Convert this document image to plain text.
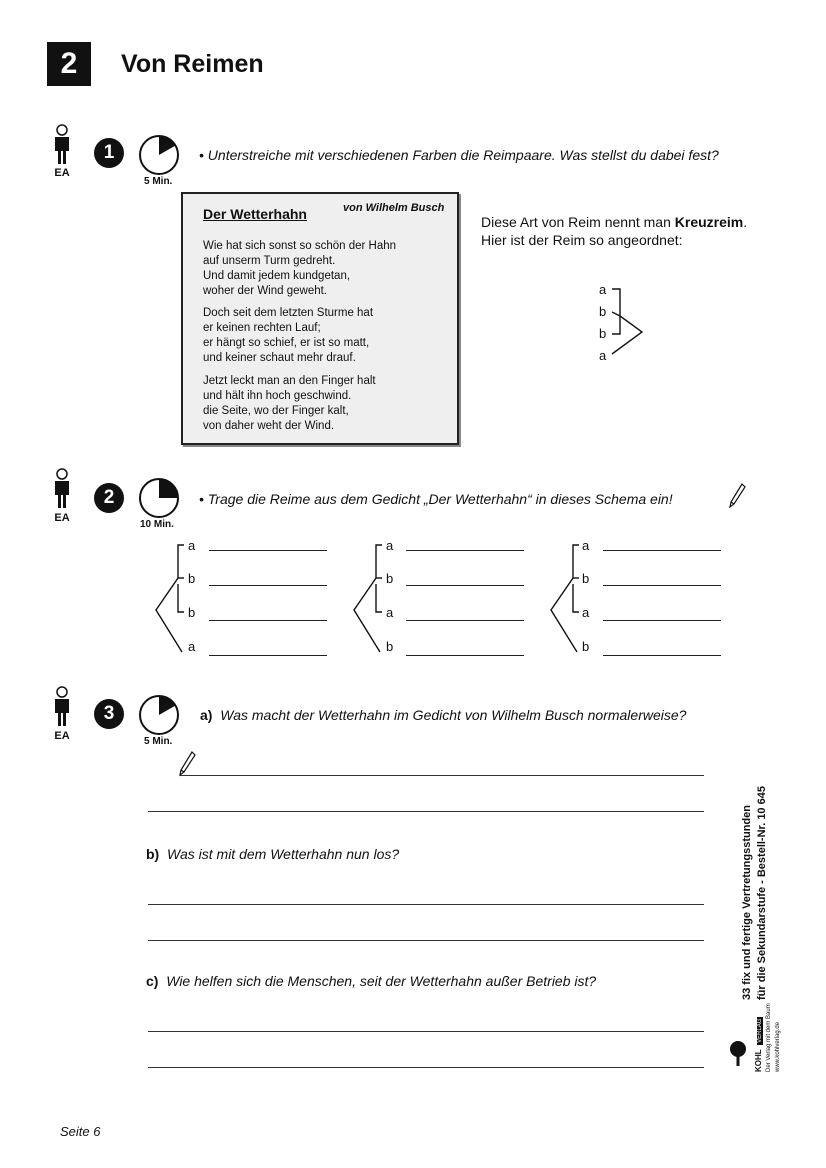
2	Von Reimen
EA
1
5 Min.
• Unterstreiche mit verschiedenen Farben die Reimpaare. Was stellst du dabei fest?
Der Wetterhahn	von Wilhelm Busch
Wie hat sich sonst so schön der Hahn
auf unserm Turm gedreht.
Und damit jedem kundgetan,
woher der Wind geweht.
Doch seit dem letzten Sturme hat
er keinen rechten Lauf;
er hängt so schief, er ist so matt,
und keiner schaut mehr drauf.
Jetzt leckt man an den Finger halt
und hält ihn hoch geschwind.
die Seite, wo der Finger kalt,
von daher weht der Wind.
Diese Art von Reim nennt man Kreuzreim.
Hier ist der Reim so angeordnet:
a
b
b
a
EA
2
10 Min.
• Trage die Reime aus dem Gedicht „Der Wetterhahn“ in dieses Schema ein!
a
b
b
a
a
b
a
b
a
b
a
b
EA
3
5 Min.
a) Was macht der Wetterhahn im Gedicht von Wilhelm Busch normalerweise?
b) Was ist mit dem Wetterhahn nun los?
c) Wie helfen sich die Menschen, seit der Wetterhahn außer Betrieb ist?	33 fix und fertige Vertretungsstunden für die Sekundarstufe - Bestell-Nr. 10 645
KOHL VERLAG Der Verlag mit dem Baum www.kohlverlag.de
Seite 6
